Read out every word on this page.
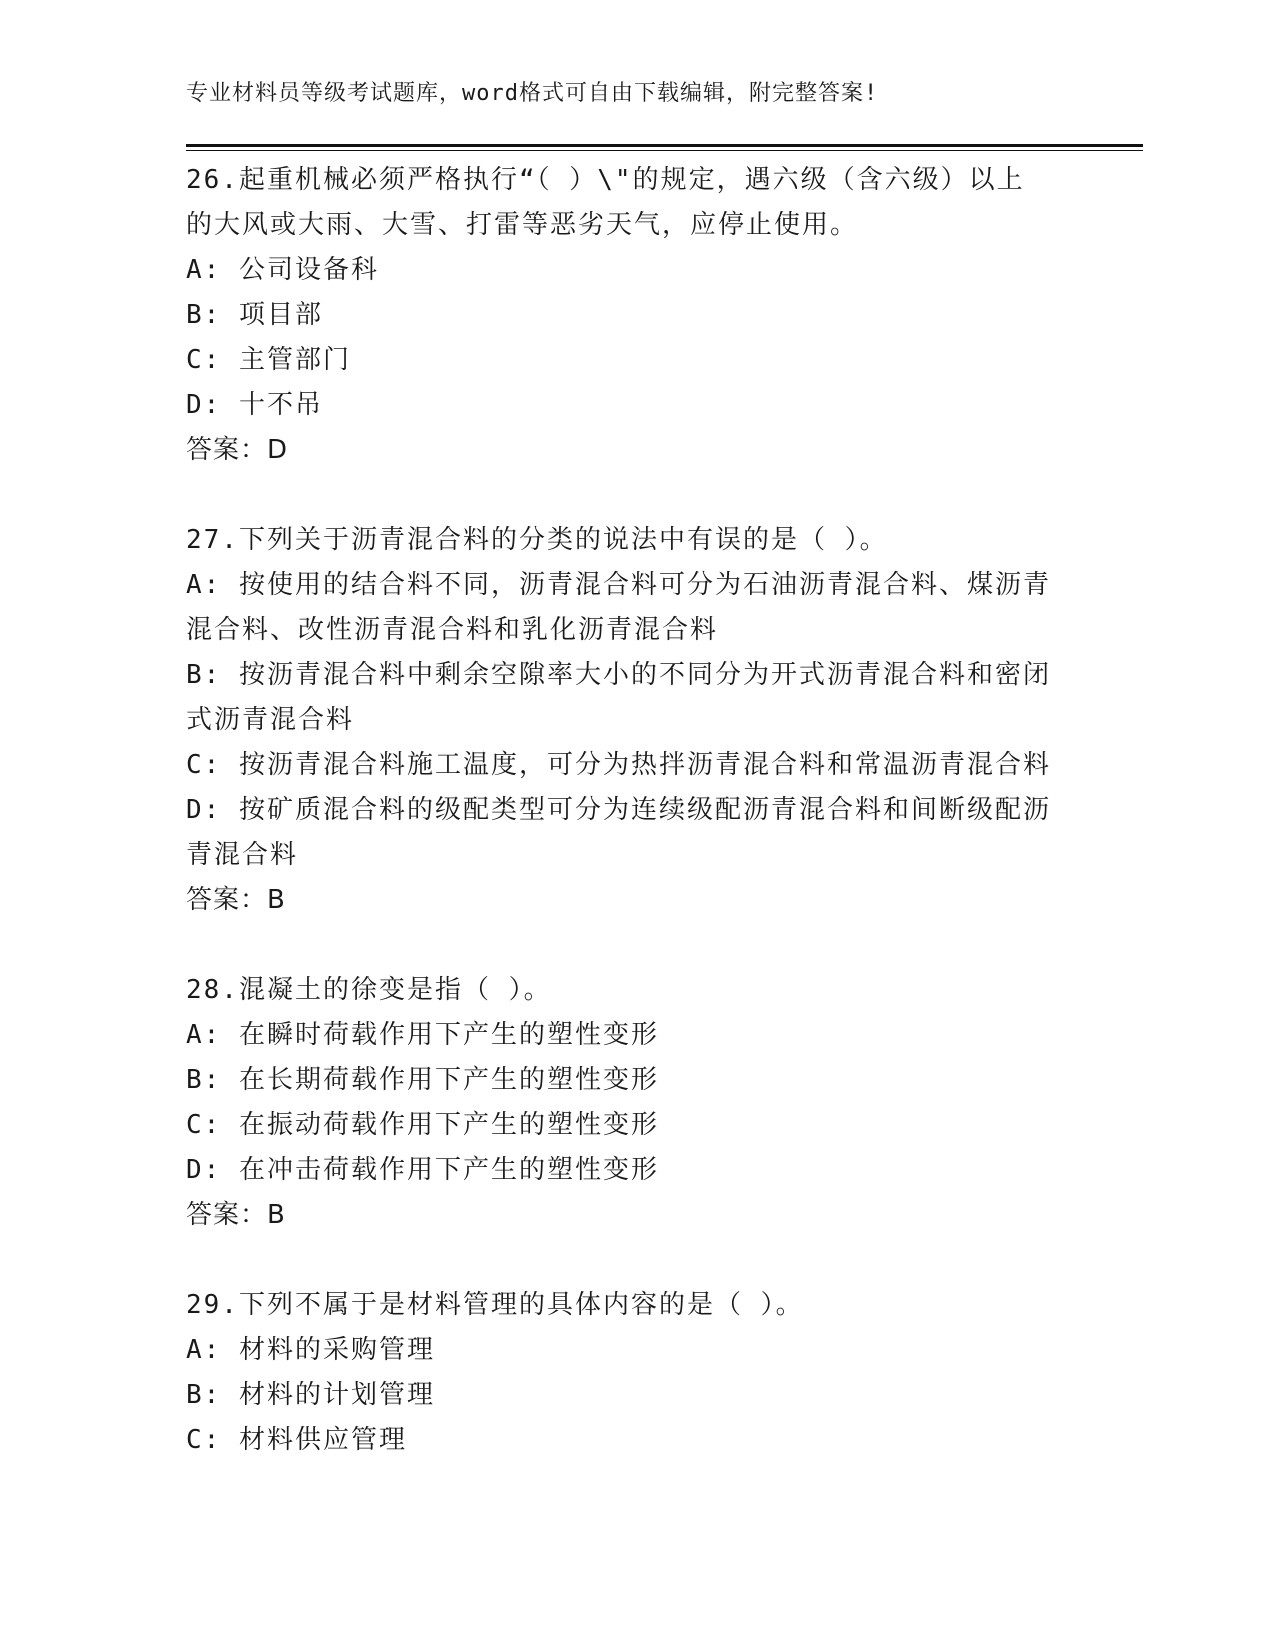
专业材料员等级考试题库，word格式可自由下载编辑，附完整答案!
26.起重机械必须严格执行“（ ）\"的规定，遇六级（含六级）以上
的大风或大雨、大雪、打雷等恶劣天气，应停止使用。
A: 公司设备科
B: 项目部
C: 主管部门
D: 十不吊
答案：D
27.下列关于沥青混合料的分类的说法中有误的是（ ）。
A: 按使用的结合料不同，沥青混合料可分为石油沥青混合料、煤沥青
混合料、改性沥青混合料和乳化沥青混合料
B: 按沥青混合料中剩余空隙率大小的不同分为开式沥青混合料和密闭
式沥青混合料
C: 按沥青混合料施工温度，可分为热拌沥青混合料和常温沥青混合料
D: 按矿质混合料的级配类型可分为连续级配沥青混合料和间断级配沥
青混合料
答案：B
28.混凝土的徐变是指（ ）。
A: 在瞬时荷载作用下产生的塑性变形
B: 在长期荷载作用下产生的塑性变形
C: 在振动荷载作用下产生的塑性变形
D: 在冲击荷载作用下产生的塑性变形
答案：B
29.下列不属于是材料管理的具体内容的是（ ）。
A: 材料的采购管理
B: 材料的计划管理
C: 材料供应管理
